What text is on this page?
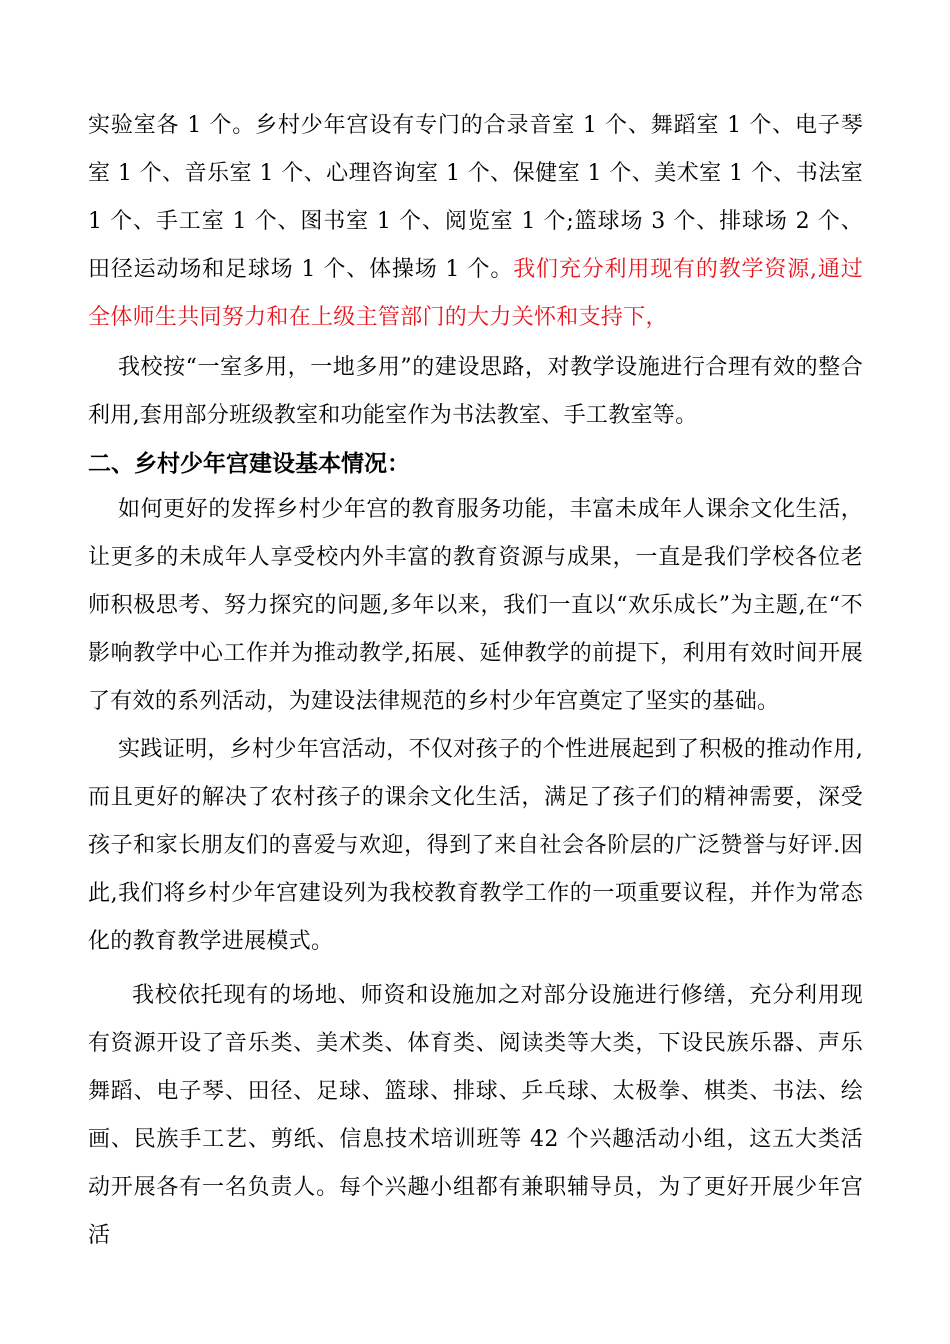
实验室各 1 个。乡村少年宫设有专门的合录音室 1 个、舞蹈室 1 个、电子琴室 1 个、音乐室 1 个、心理咨询室 1 个、保健室 1 个、美术室 1 个、书法室 1 个、手工室 1 个、图书室 1 个、阅览室 1 个;篮球场 3 个、排球场 2 个、田径运动场和足球场 1 个、体操场 1 个。我们充分利用现有的教学资源,通过全体师生共同努力和在上级主管部门的大力关怀和支持下，

我校按“一室多用，一地多用”的建设思路，对教学设施进行合理有效的整合利用,套用部分班级教室和功能室作为书法教室、手工教室等。

二、乡村少年宫建设基本情况：

如何更好的发挥乡村少年宫的教育服务功能，丰富未成年人课余文化生活，让更多的未成年人享受校内外丰富的教育资源与成果，一直是我们学校各位老师积极思考、努力探究的问题,多年以来，我们一直以“欢乐成长”为主题,在“不影响教学中心工作并为推动教学,拓展、延伸教学的前提下，利用有效时间开展了有效的系列活动，为建设法律规范的乡村少年宫奠定了坚实的基础。

实践证明，乡村少年宫活动，不仅对孩子的个性进展起到了积极的推动作用,而且更好的解决了农村孩子的课余文化生活，满足了孩子们的精神需要，深受孩子和家长朋友们的喜爱与欢迎，得到了来自社会各阶层的广泛赞誉与好评.因此,我们将乡村少年宫建设列为我校教育教学工作的一项重要议程，并作为常态化的教育教学进展模式。

我校依托现有的场地、师资和设施加之对部分设施进行修缮，充分利用现有资源开设了音乐类、美术类、体育类、阅读类等大类，下设民族乐器、声乐舞蹈、电子琴、田径、足球、篮球、排球、乒乓球、太极拳、棋类、书法、绘画、民族手工艺、剪纸、信息技术培训班等 42 个兴趣活动小组，这五大类活动开展各有一名负责人。每个兴趣小组都有兼职辅导员，为了更好开展少年宫活
